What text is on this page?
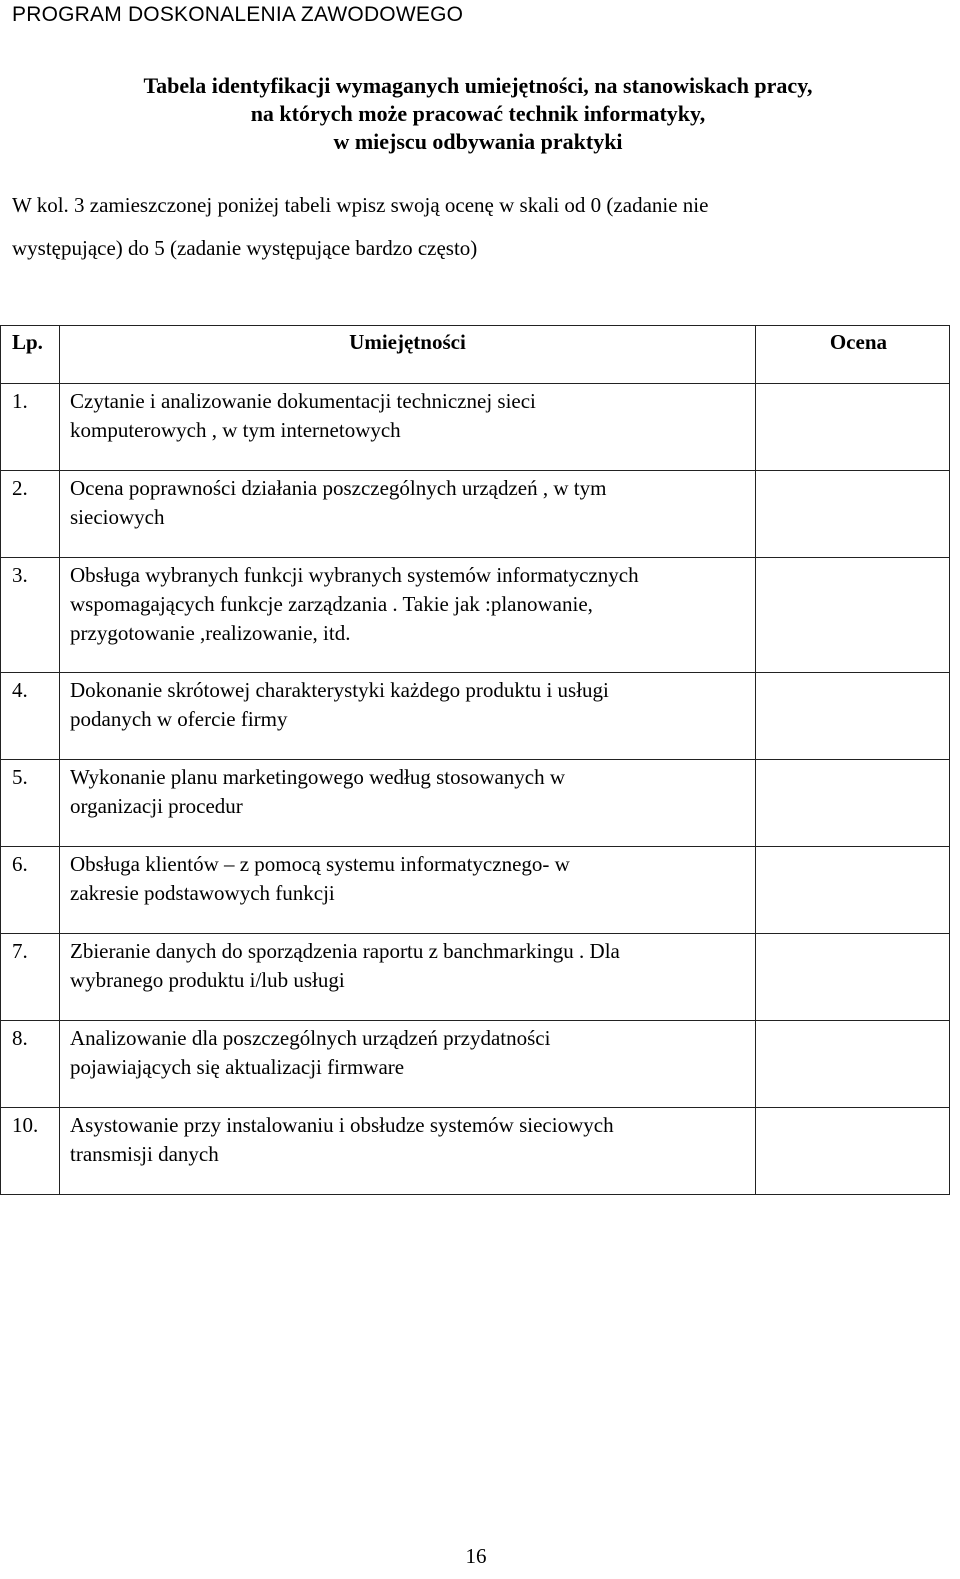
PROGRAM DOSKONALENIA ZAWODOWEGO
Tabela identyfikacji wymaganych umiejętności, na stanowiskach pracy,
na których może pracować technik informatyky,
w miejscu odbywania praktyki
W kol. 3 zamieszczonej poniżej tabeli wpisz swoją ocenę w skali od 0 (zadanie nie
występujące) do 5 (zadanie występujące bardzo często)
Lp.	Umiejętności	Ocena
1.	Czytanie i analizowanie dokumentacji technicznej sieci
komputerowych , w tym internetowych	

2.	Ocena poprawności działania poszczególnych urządzeń , w tym
sieciowych	

3.	Obsługa wybranych funkcji wybranych systemów informatycznych
wspomagających funkcje zarządzania . Takie jak :planowanie,
przygotowanie ,realizowanie, itd.	

4.	Dokonanie skrótowej charakterystyki każdego produktu i usługi
podanych w ofercie firmy	

5.	Wykonanie planu marketingowego według stosowanych w
organizacji procedur	

6.	Obsługa klientów – z pomocą systemu informatycznego- w
zakresie podstawowych funkcji	

7.	Zbieranie danych do sporządzenia raportu z banchmarkingu . Dla
wybranego produktu i/lub usługi	

8.	Analizowanie dla poszczególnych urządzeń przydatności
pojawiających się aktualizacji firmware	

10.	Asystowanie przy instalowaniu i obsłudze systemów sieciowych
transmisji danych	

16
